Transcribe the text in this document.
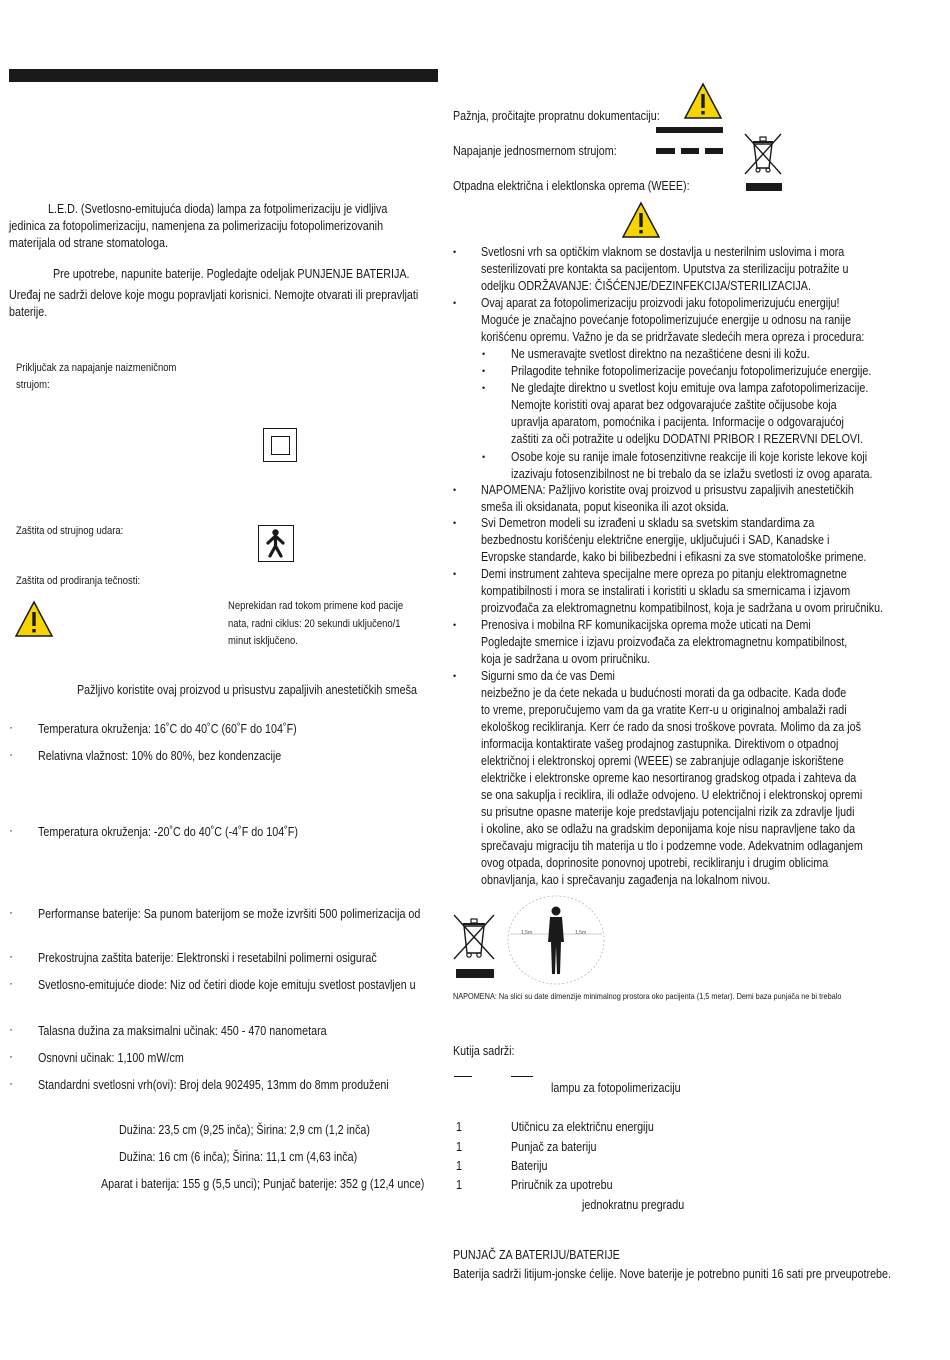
L.E.D. (Svetlosno-emitujuća dioda) lampa za fotpolimerizaciju je vidljiva
jedinica za fotopolimerizaciju, namenjena za polimerizaciju fotopolimerizovanih
materijala od strane stomatologa.
Pre upotrebe, napunite baterije. Pogledajte odeljak PUNJENJE BATERIJA.
Uređaj ne sadrži delove koje mogu popravljati korisnici. Nemojte otvarati ili prepravljati
baterije.
Priključak za napajanje naizmeničnom
strujom:
Zaštita od strujnog udara:
Zaštita od prodiranja tečnosti:
Neprekidan rad tokom primene kod pacije
nata, radni ciklus: 20 sekundi uključeno/1
minut isključeno.
Pažljivo koristite ovaj proizvod u prisustvu zapaljivih anestetičkih smeša
· Temperatura okruženja: 16˚C do 40˚C (60˚F do 104˚F)
· Relativna vlažnost: 10% do 80%, bez kondenzacije
· Temperatura okruženja: -20˚C do 40˚C (-4˚F do 104˚F)
· Performanse baterije: Sa punom baterijom se može izvršiti 500 polimerizacija od
· Prekostrujna zaštita baterije: Elektronski i resetabilni polimerni osigurač
· Svetlosno-emitujuće diode: Niz od četiri diode koje emituju svetlost postavljen u
· Talasna dužina za maksimalni učinak: 450 - 470 nanometara
· Osnovni učinak: 1,100 mW/cm
· Standardni svetlosni vrh(ovi): Broj dela 902495, 13mm do 8mm produženi
Dužina: 23,5 cm (9,25 inča); Širina: 2,9 cm (1,2 inča)
Dužina: 16 cm (6 inča); Širina: 11,1 cm (4,63 inča)
Aparat i baterija: 155 g (5,5 unci); Punjač baterije: 352 g (12,4 unce)
Pažnja, pročitajte propratnu dokumentaciju:
Napajanje jednosmernom strujom:
Otpadna električna i elektlonska oprema (WEEE):
• Svetlosni vrh sa optičkim vlaknom se dostavlja u nesterilnim uslovima i mora
sesterilizovati pre kontakta sa pacijentom. Uputstva za sterilizaciju potražite u
odeljku ODRŽAVANJE: ČIŠĆENJE/DEZINFEKCIJA/STERILIZACIJA.
• Ovaj aparat za fotopolimerizaciju proizvodi jaku fotopolimerizujuću energiju!
Moguće je značajno povećanje fotopolimerizujuće energije u odnosu na ranije
korišćenu opremu. Važno je da se pridržavate sledećih mera opreza i procedura:
• Ne usmeravajte svetlost direktno na nezaštićene desni ili kožu.
• Prilagodite tehnike fotopolimerizacije povećanju fotopolimerizujuće energije.
• Ne gledajte direktno u svetlost koju emituje ova lampa zafotopolimerizacije.
Nemojte koristiti ovaj aparat bez odgovarajuće zaštite očijusobe koja
upravlja aparatom, pomoćnika i pacijenta. Informacije o odgovarajućoj
zaštiti za oči potražite u odeljku DODATNI PRIBOR I REZERVNI DELOVI.
• Osobe koje su ranije imale fotosenzitivne reakcije ili koje koriste lekove koji
izazivaju fotosenzibilnost ne bi trebalo da se izlažu svetlosti iz ovog aparata.
• NAPOMENA: Pažljivo koristite ovaj proizvod u prisustvu zapaljivih anestetičkih
smeša ili oksidanata, poput kiseonika ili azot oksida.
• Svi Demetron modeli su izrađeni u skladu sa svetskim standardima za
bezbednostu korišćenju električne energije, uključujući i SAD, Kanadske i
Evropske standarde, kako bi bilibezbedni i efikasni za sve stomatološke primene.
• Demi instrument zahteva specijalne mere opreza po pitanju elektromagnetne
kompatibilnosti i mora se instalirati i koristiti u skladu sa smernicama i izjavom
proizvođača za elektromagnetnu kompatibilnost, koja je sadržana u ovom priručniku.
• Prenosiva i mobilna RF komunikacijska oprema može uticati na Demi
Pogledajte smernice i izjavu proizvođača za elektromagnetnu kompatibilnost,
koja je sadržana u ovom priručniku.
• Sigurni smo da će vas Demi
neizbežno je da ćete nekada u budućnosti morati da ga odbacite. Kada dođe
to vreme, preporučujemo vam da ga vratite Kerr-u u originalnoj ambalaži radi
ekološkog recikliranja. Kerr će rado da snosi troškove povrata. Molimo da za još
informacija kontaktirate vašeg prodajnog zastupnika. Direktivom o otpadnoj
električnoj i elektronskoj opremi (WEEE) se zabranjuje odlaganje iskorištene
električke i elektronske opreme kao nesortiranog gradskog otpada i zahteva da
se ona sakuplja i reciklira, ili odlaže odvojeno. U električnoj i elektronskoj opremi
su prisutne opasne materije koje predstavljaju potencijalni rizik za zdravlje ljudi
i okoline, ako se odlažu na gradskim deponijama koje nisu napravljene tako da
sprečavaju migraciju tih materija u tlo i podzemne vode. Adekvatnim odlaganjem
ovog otpada, doprinosite ponovnoj upotrebi, recikliranju i drugim oblicima
obnavljanja, kao i sprečavanju zagađenja na lokalnom nivou.
1,5m	1,5m
NAPOMENA: Na slici su date dimenzije minimalnog prostora oko pacijenta (1,5 metar). Demi baza punjača ne bi trebalo
Kutija sadrži:
lampu za fotopolimerizaciju
1	Utičnicu za električnu energiju
1	Punjač za bateriju
1	Bateriju
1	Priručnik za upotrebu
jednokratnu pregradu
PUNJAČ ZA BATERIJU/BATERIJE
Baterija sadrži litijum-jonske ćelije. Nove baterije je potrebno puniti 16 sati pre prveupotrebe.
